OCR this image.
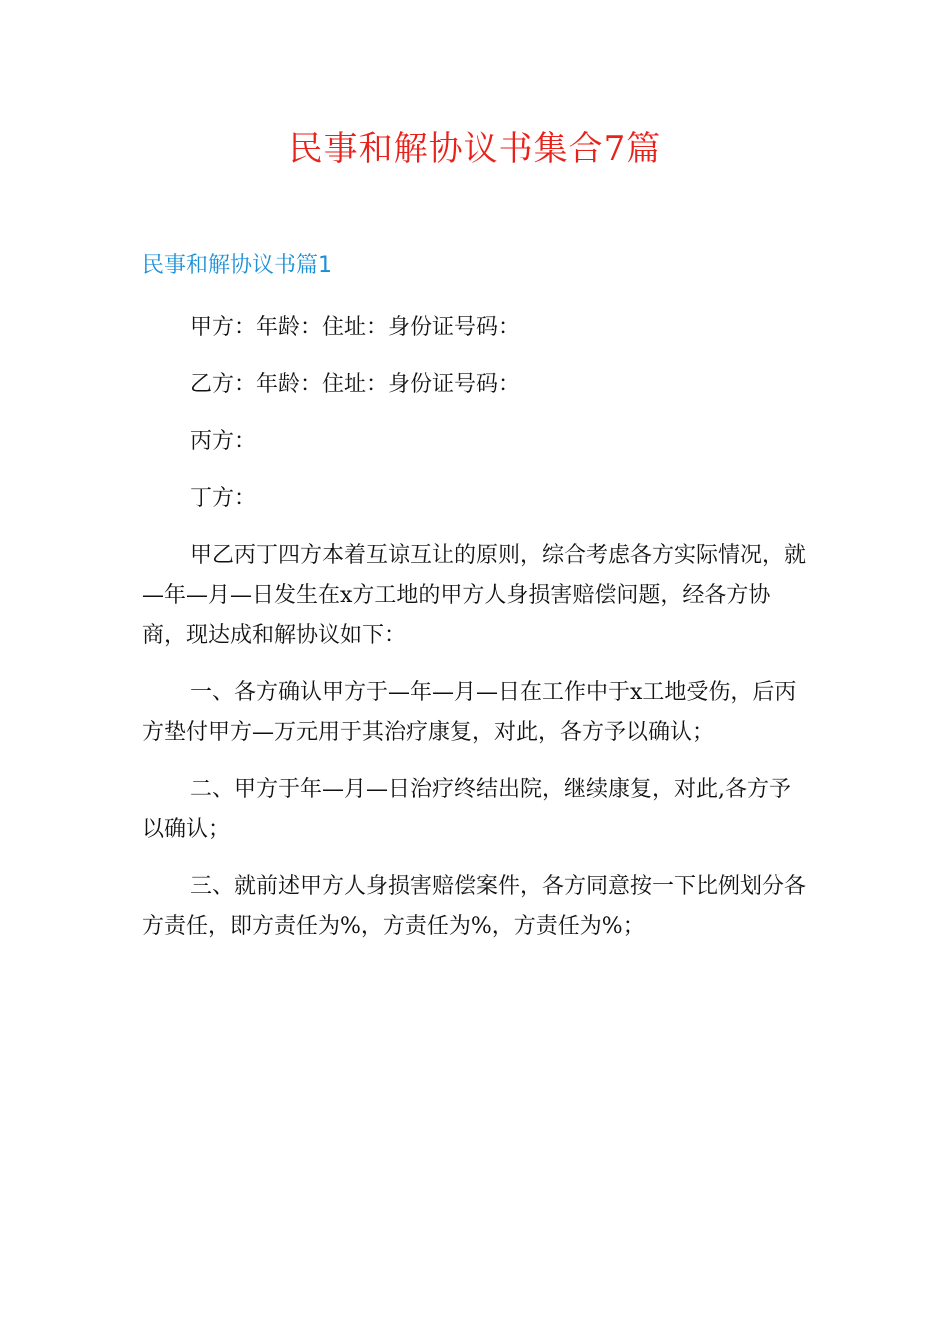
民事和解协议书集合7篇
民事和解协议书篇1

甲方：年龄：住址：身份证号码：

乙方：年龄：住址：身份证号码：

丙方：

丁方：

甲乙丙丁四方本着互谅互让的原则，综合考虑各方实际情况，就—年—月—日发生在x方工地的甲方人身损害赔偿问题，经各方协商，现达成和解协议如下：

一、各方确认甲方于—年—月—日在工作中于x工地受伤，后丙方垫付甲方—万元用于其治疗康复，对此，各方予以确认；

二、甲方于年—月—日治疗终结出院，继续康复，对此,各方予以确认；

三、就前述甲方人身损害赔偿案件，各方同意按一下比例划分各方责任，即方责任为%，方责任为%，方责任为%；
